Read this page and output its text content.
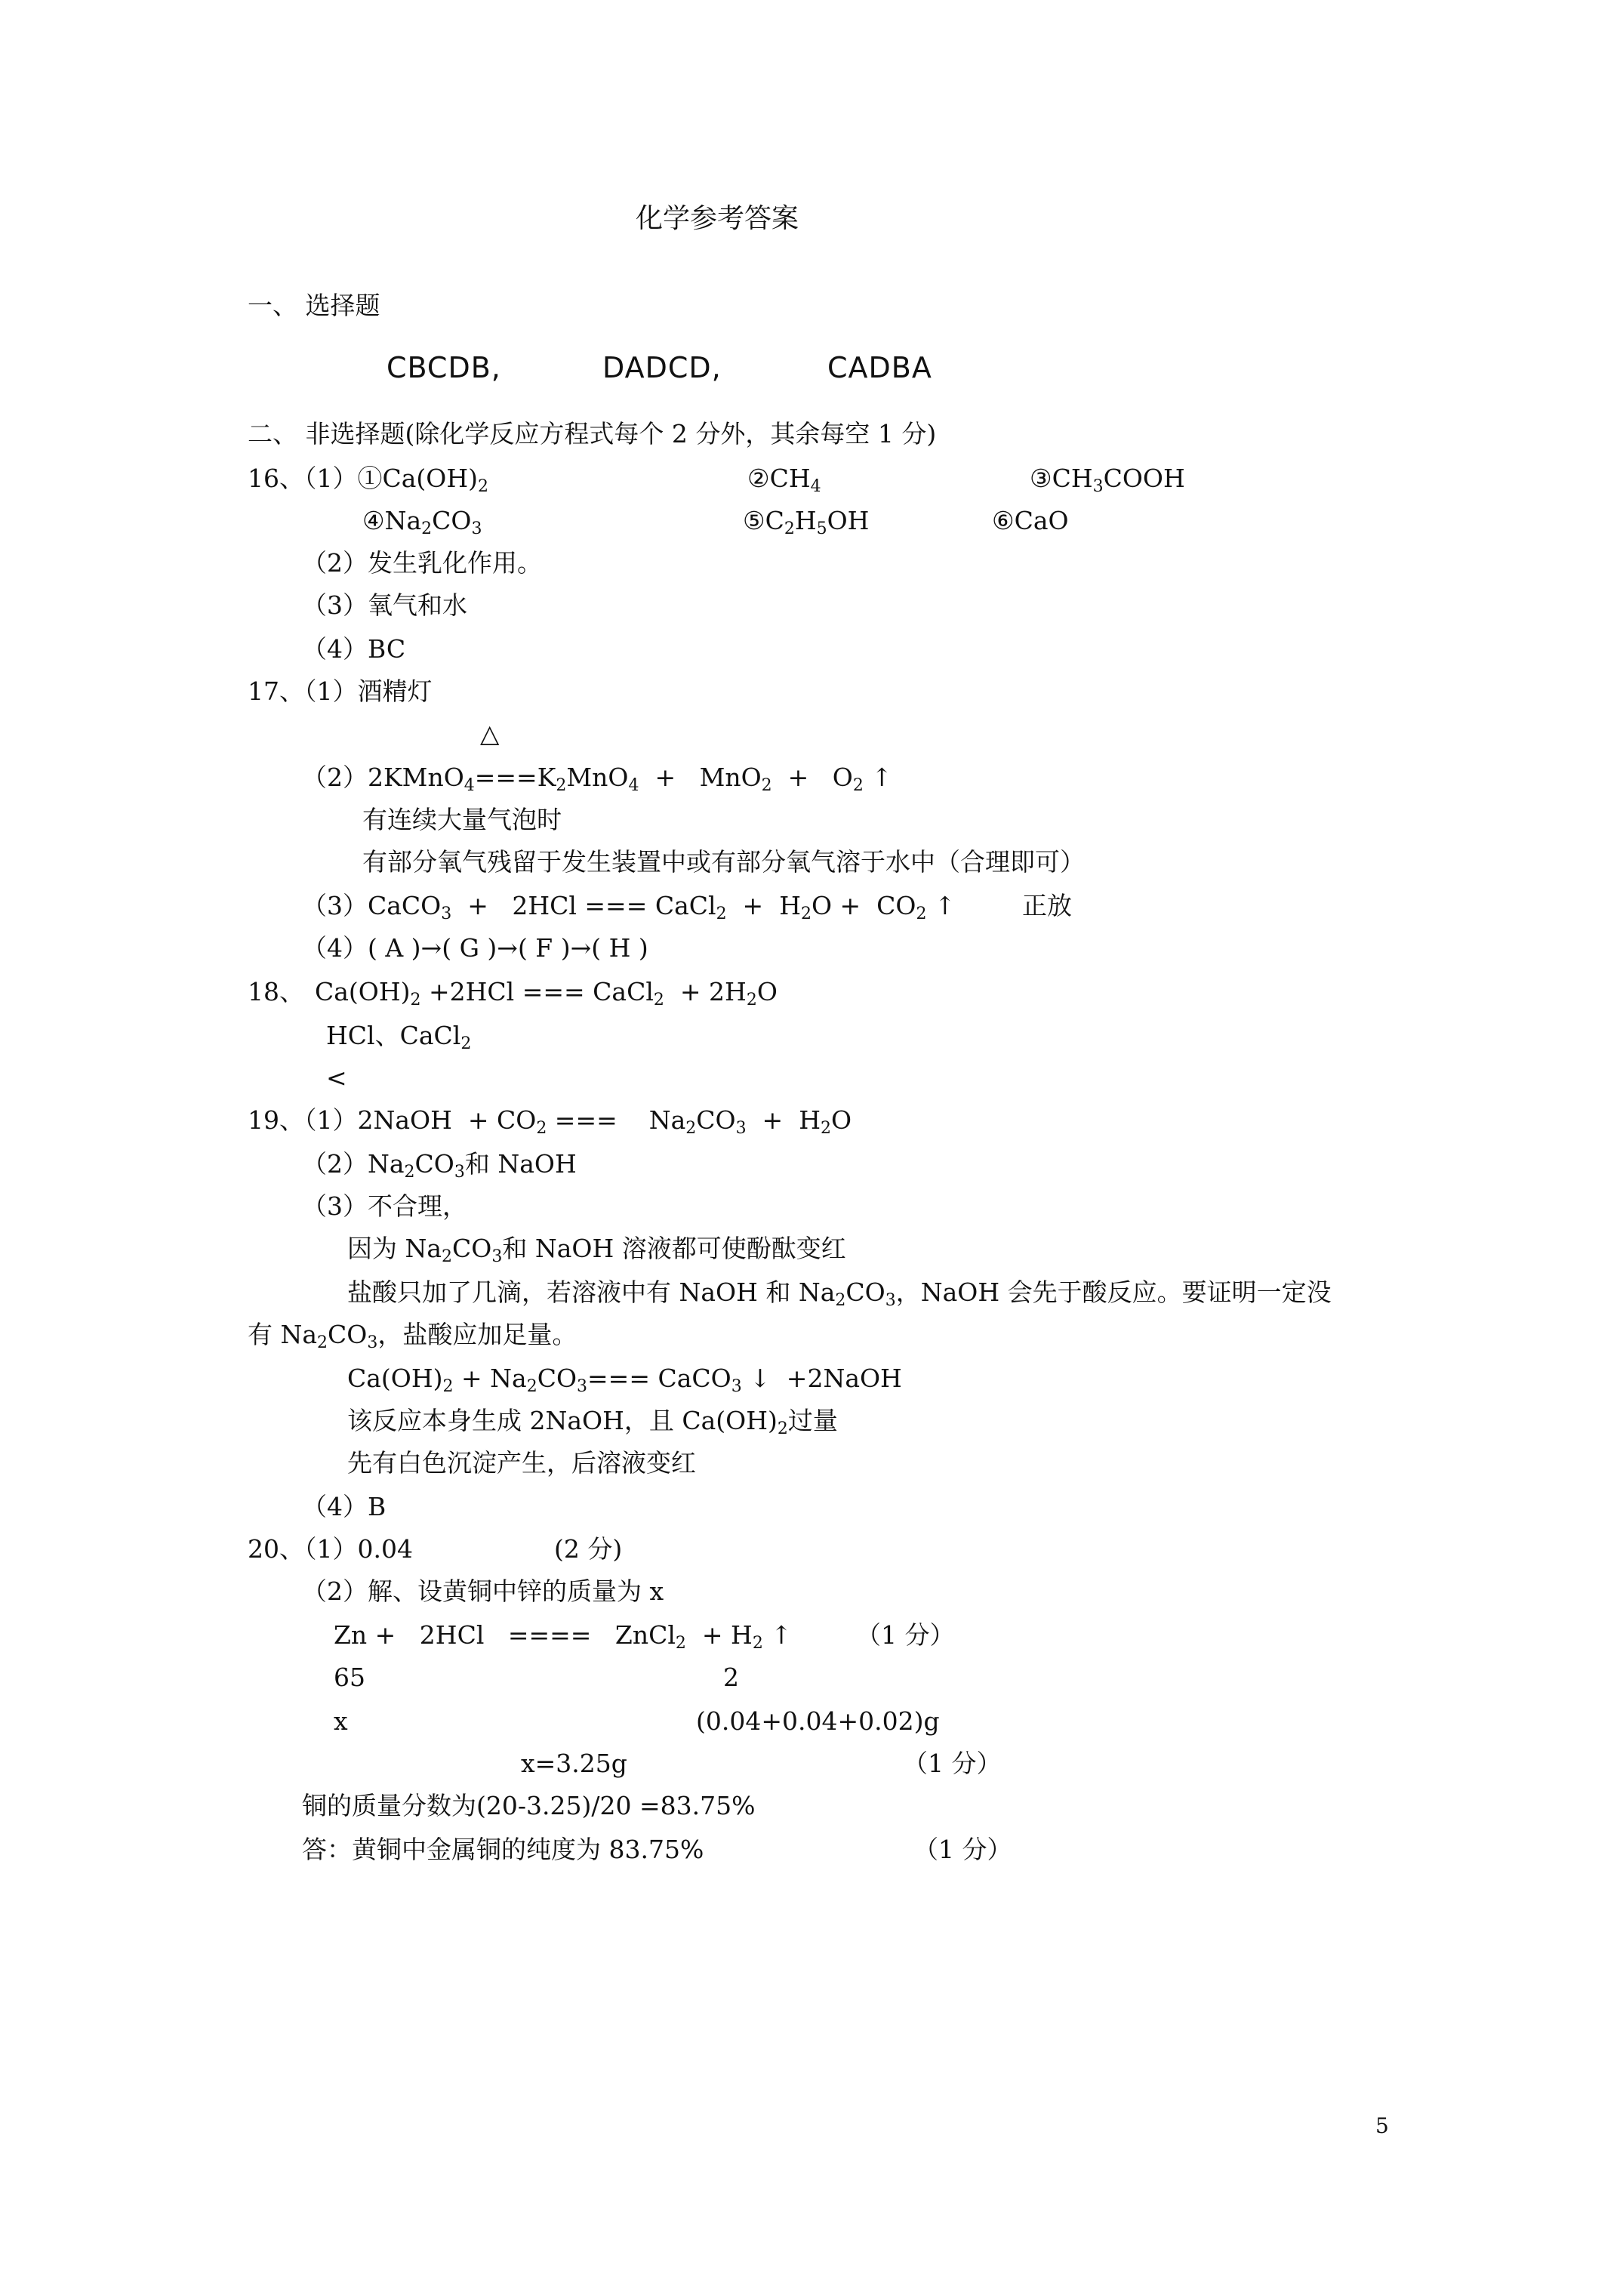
化学参考答案
一、 选择题
CBCDB,	DADCD,	CADBA
二、 非选择题(除化学反应方程式每个 2 分外，其余每空 1 分)
16、$(1)①Ca(OH)_2$	$②CH_4$	$③CH_3COOH$
$④Na_2CO_3$	$⑤C_2H_5OH$	⑥CaO
（2）发生乳化作用。
（3）氧气和水
（4）BC
17、（1）酒精灯
△
$(2)2KMnO_4===K_2MnO_4 + MnO_2 + O_2$ ↑
有连续大量气泡时
有部分氧气残留于发生装置中或有部分氧气溶于水中（合理即可）
（3）CaCO$_3$  +   2HCl === CaCl$_2$  +  $H_2O + CO_2$ ↑	正放
（4）( A )→( G )→( F )→( H )
18、 $Ca(OH)_2 +2HCl$ === CaCl$_2$  + $2H_2O$
HCl、CaCl$_2$
<
19、（1）2NaOH  + $CO_2$ ===    $Na_2CO_3 + H_2O$
$(2)Na_2CO_3$和 NaOH
（3）不合理，
因为 $Na_2CO_3$和 NaOH 溶液都可使酚酞变红
盐酸只加了几滴，若溶液中有 NaOH 和 $Na_2CO_3$，NaOH 会先于酸反应。要证明一定没
有 $Na_2CO_3$，盐酸应加足量。
$Ca(OH)_2 + Na_2CO_3===$ CaCO$_3$ ↓  +2NaOH
该反应本身生成 2NaOH，且 $Ca(OH)_2$过量
先有白色沉淀产生，后溶液变红
（4）B
20、（1）0.04	(2 分)
（2）解、设黄铜中锌的质量为 x
Zn +   2HCl   ====   ZnCl$_2$  + $H_2$ ↑	（1 分）
65	2
x	(0.04+0.04+0.02)g
x=3.25g	（1 分）
铜的质量分数为(20-3.25)/20 =83.75%
答：黄铜中金属铜的纯度为 83.75%	（1 分）
5
